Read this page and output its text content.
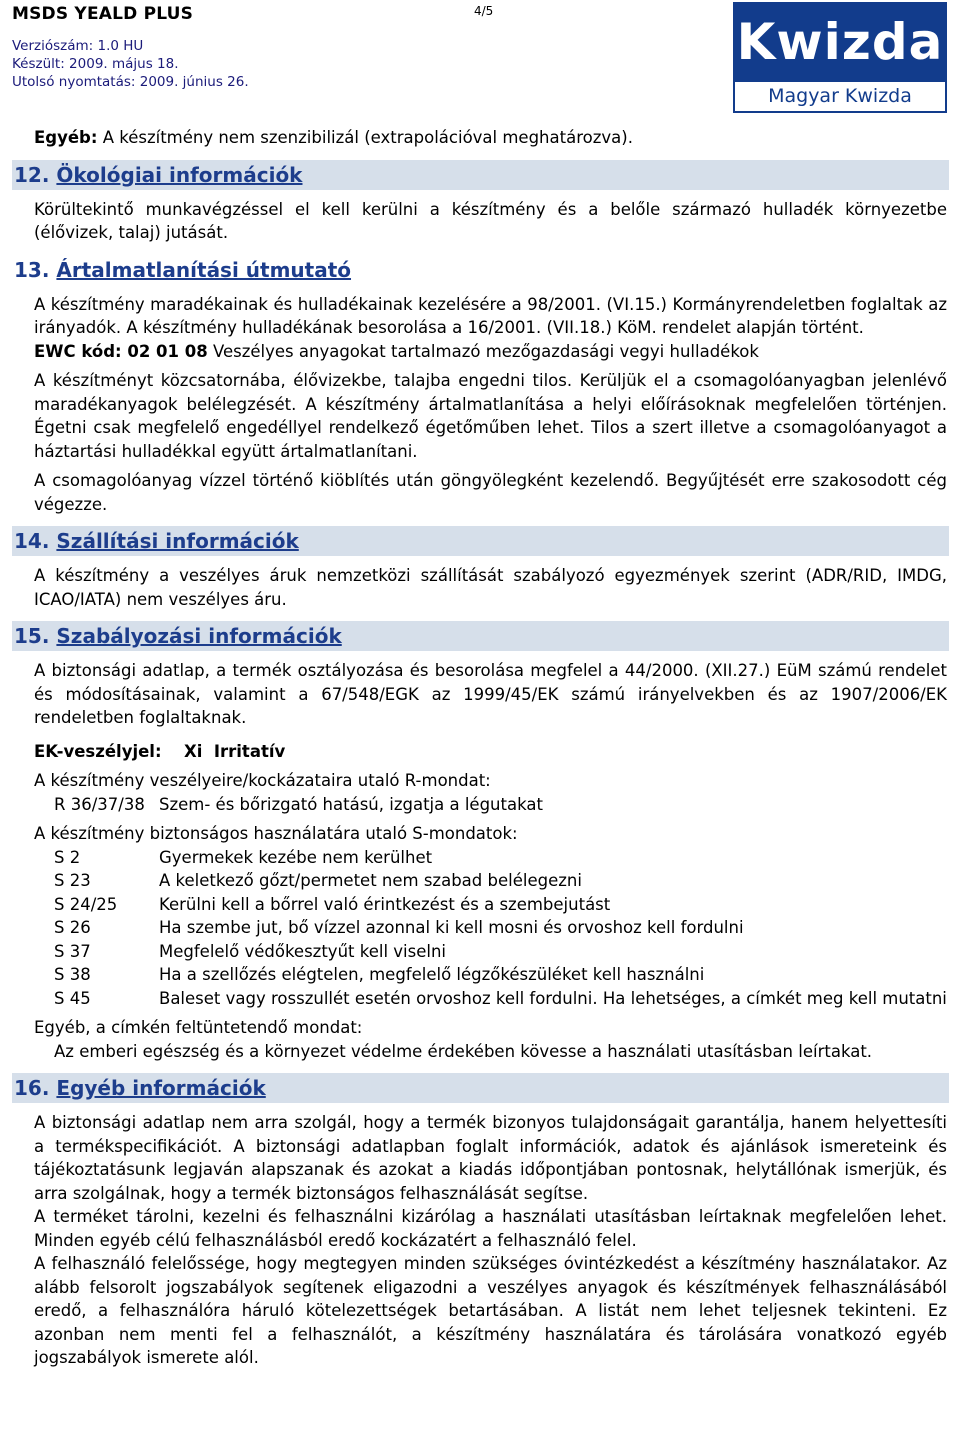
MSDS YEALD PLUS	4/5
Verziószám: 1.0 HU
Készült: 2009. május 18.
Utolsó nyomtatás: 2009. június 26.
Kwizda
Magyar Kwizda

Egyéb: A készítmény nem szenzibilizál (extrapolációval meghatározva).

12. Ökológiai információk

Körültekintő munkavégzéssel el kell kerülni a készítmény és a belőle származó hulladék környezetbe (élővizek, talaj) jutását.

13. Ártalmatlanítási útmutató

A készítmény maradékainak és hulladékainak kezelésére a 98/2001. (VI.15.) Kormányrendeletben foglaltak az irányadók. A készítmény hulladékának besorolása a 16/2001. (VII.18.) KöM. rendelet alapján történt.

EWC kód: 02 01 08 Veszélyes anyagokat tartalmazó mezőgazdasági vegyi hulladékok

A készítményt közcsatornába, élővizekbe, talajba engedni tilos. Kerüljük el a csomagolóanyagban jelenlévő maradékanyagok belélegzését. A készítmény ártalmatlanítása a helyi előírásoknak megfelelően történjen. Égetni csak megfelelő engedéllyel rendelkező égetőműben lehet. Tilos a szert illetve a csomagolóanyagot a háztartási hulladékkal együtt ártalmatlanítani.

A csomagolóanyag vízzel történő kiöblítés után göngyölegként kezelendő. Begyűjtését erre szakosodott cég végezze.

14. Szállítási információk

A készítmény a veszélyes áruk nemzetközi szállítását szabályozó egyezmények szerint (ADR/RID, IMDG, ICAO/IATA) nem veszélyes áru.

15. Szabályozási információk

A biztonsági adatlap, a termék osztályozása és besorolása megfelel a 44/2000. (XII.27.) EüM számú rendelet és módosításainak, valamint a 67/548/EGK az 1999/45/EK számú irányelvekben és az 1907/2006/EK rendeletben foglaltaknak.

EK-veszélyjel: Xi  Irritatív

A készítmény veszélyeire/kockázataira utaló R-mondat:

R 36/37/38	Szem- és bőrizgató hatású, izgatja a légutakat

A készítmény biztonságos használatára utaló S-mondatok:

S 2	Gyermekek kezébe nem kerülhet
S 23	A keletkező gőzt/permetet nem szabad belélegezni
S 24/25	Kerülni kell a bőrrel való érintkezést és a szembejutást
S 26	Ha szembe jut, bő vízzel azonnal ki kell mosni és orvoshoz kell fordulni
S 37	Megfelelő védőkesztyűt kell viselni
S 38	Ha a szellőzés elégtelen, megfelelő légzőkészüléket kell használni
S 45	Baleset vagy rosszullét esetén orvoshoz kell fordulni. Ha lehetséges, a címkét meg kell mutatni

Egyéb, a címkén feltüntetendő mondat:

Az emberi egészség és a környezet védelme érdekében kövesse a használati utasításban leírtakat.

16. Egyéb információk

A biztonsági adatlap nem arra szolgál, hogy a termék bizonyos tulajdonságait garantálja, hanem helyettesíti a termékspecifikációt. A biztonsági adatlapban foglalt információk, adatok és ajánlások ismereteink és tájékoztatásunk legjaván alapszanak és azokat a kiadás időpontjában pontosnak, helytállónak ismerjük, és arra szolgálnak, hogy a termék biztonságos felhasználását segítse.

A terméket tárolni, kezelni és felhasználni kizárólag a használati utasításban leírtaknak megfelelően lehet. Minden egyéb célú felhasználásból eredő kockázatért a felhasználó felel.

A felhasználó felelőssége, hogy megtegyen minden szükséges óvintézkedést a készítmény használatakor. Az alább felsorolt jogszabályok segítenek eligazodni a veszélyes anyagok és készítmények felhasználásából eredő, a felhasználóra háruló kötelezettségek betartásában. A listát nem lehet teljesnek tekinteni. Ez azonban nem menti fel a felhasználót, a készítmény használatára és tárolására vonatkozó egyéb jogszabályok ismerete alól.
